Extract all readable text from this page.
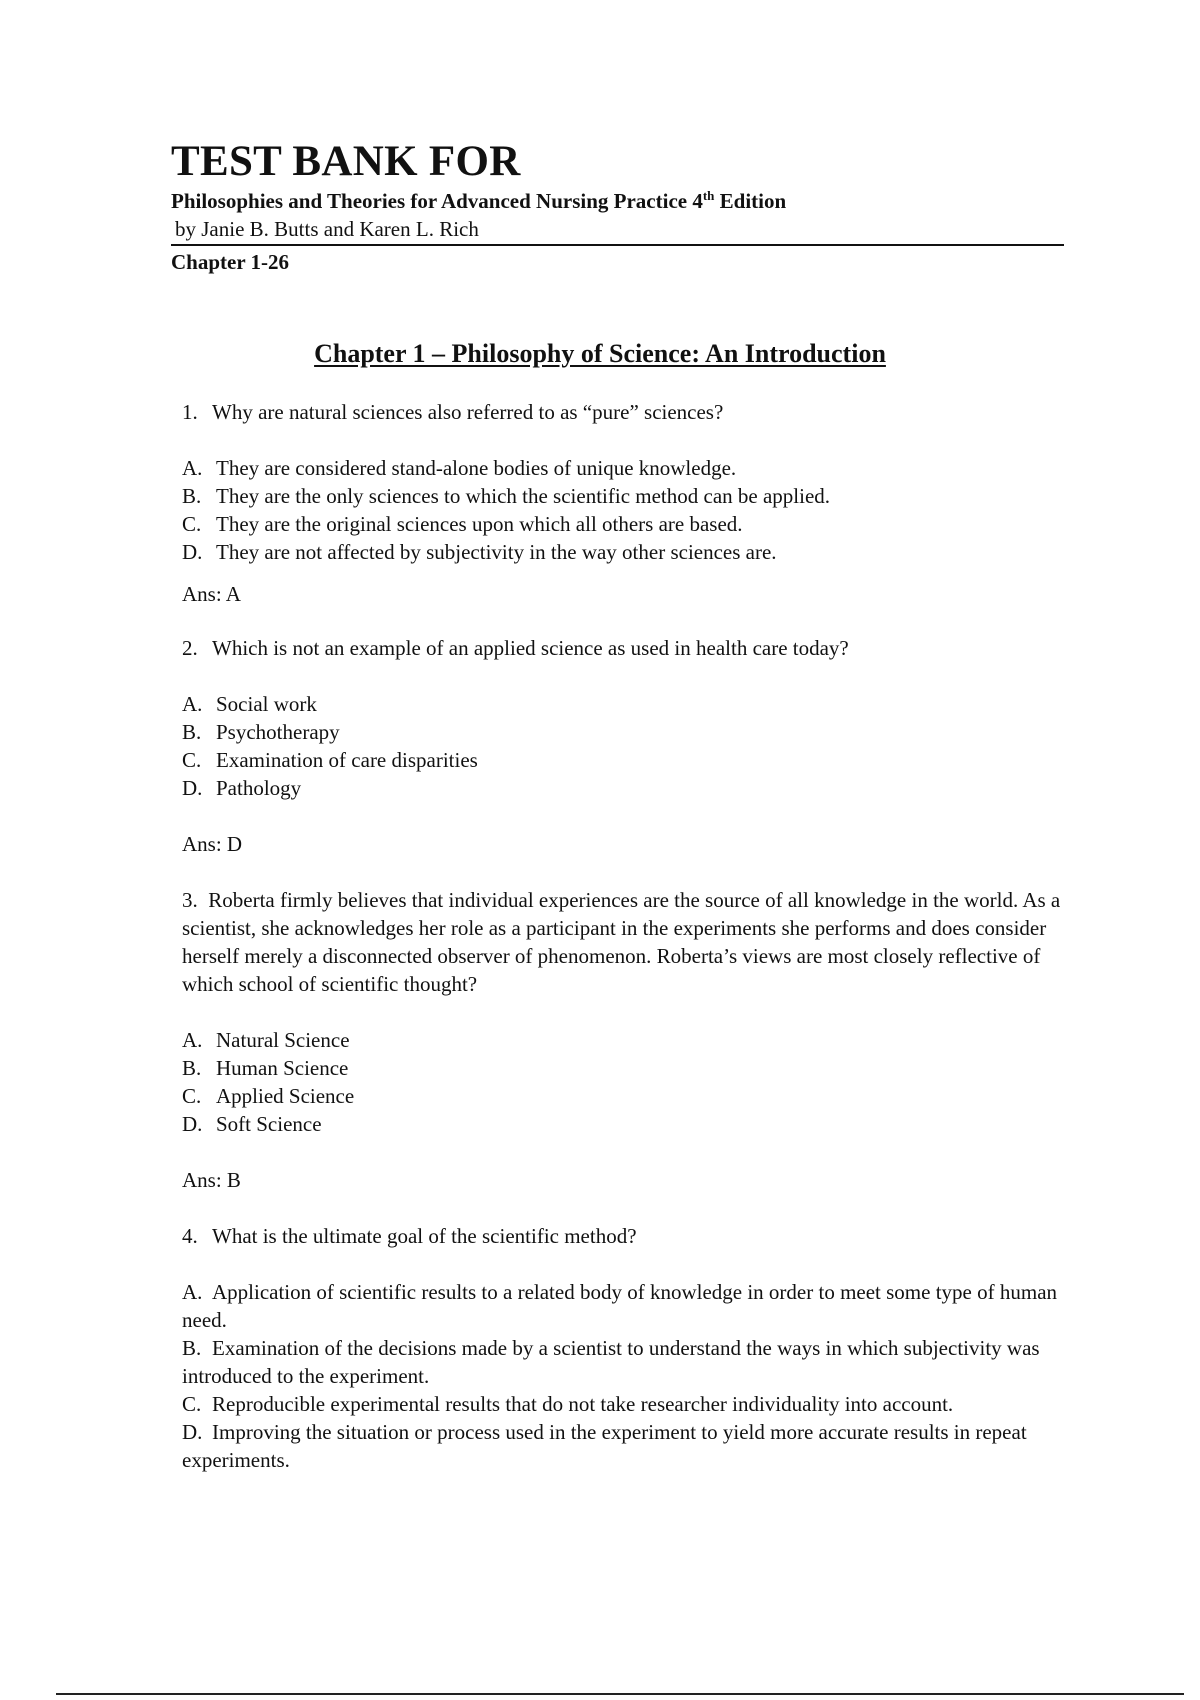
TEST BANK FOR
Philosophies and Theories for Advanced Nursing Practice 4th Edition
by Janie B. Butts and Karen L. Rich
Chapter 1-26
Chapter 1 – Philosophy of Science: An Introduction

1. Why are natural sciences also referred to as “pure” sciences?

A. They are considered stand-alone bodies of unique knowledge.
B. They are the only sciences to which the scientific method can be applied.
C. They are the original sciences upon which all others are based.
D. They are not affected by subjectivity in the way other sciences are.

Ans: A

2. Which is not an example of an applied science as used in health care today?

A. Social work
B. Psychotherapy
C. Examination of care disparities
D. Pathology

Ans: D

3. Roberta firmly believes that individual experiences are the source of all knowledge in the world. As a scientist, she acknowledges her role as a participant in the experiments she performs and does consider herself merely a disconnected observer of phenomenon. Roberta’s views are most closely reflective of which school of scientific thought?

A. Natural Science
B. Human Science
C. Applied Science
D. Soft Science

Ans: B

4. What is the ultimate goal of the scientific method?

A. Application of scientific results to a related body of knowledge in order to meet some type of human need.
B. Examination of the decisions made by a scientist to understand the ways in which subjectivity was introduced to the experiment.
C. Reproducible experimental results that do not take researcher individuality into account.
D. Improving the situation or process used in the experiment to yield more accurate results in repeat experiments.
